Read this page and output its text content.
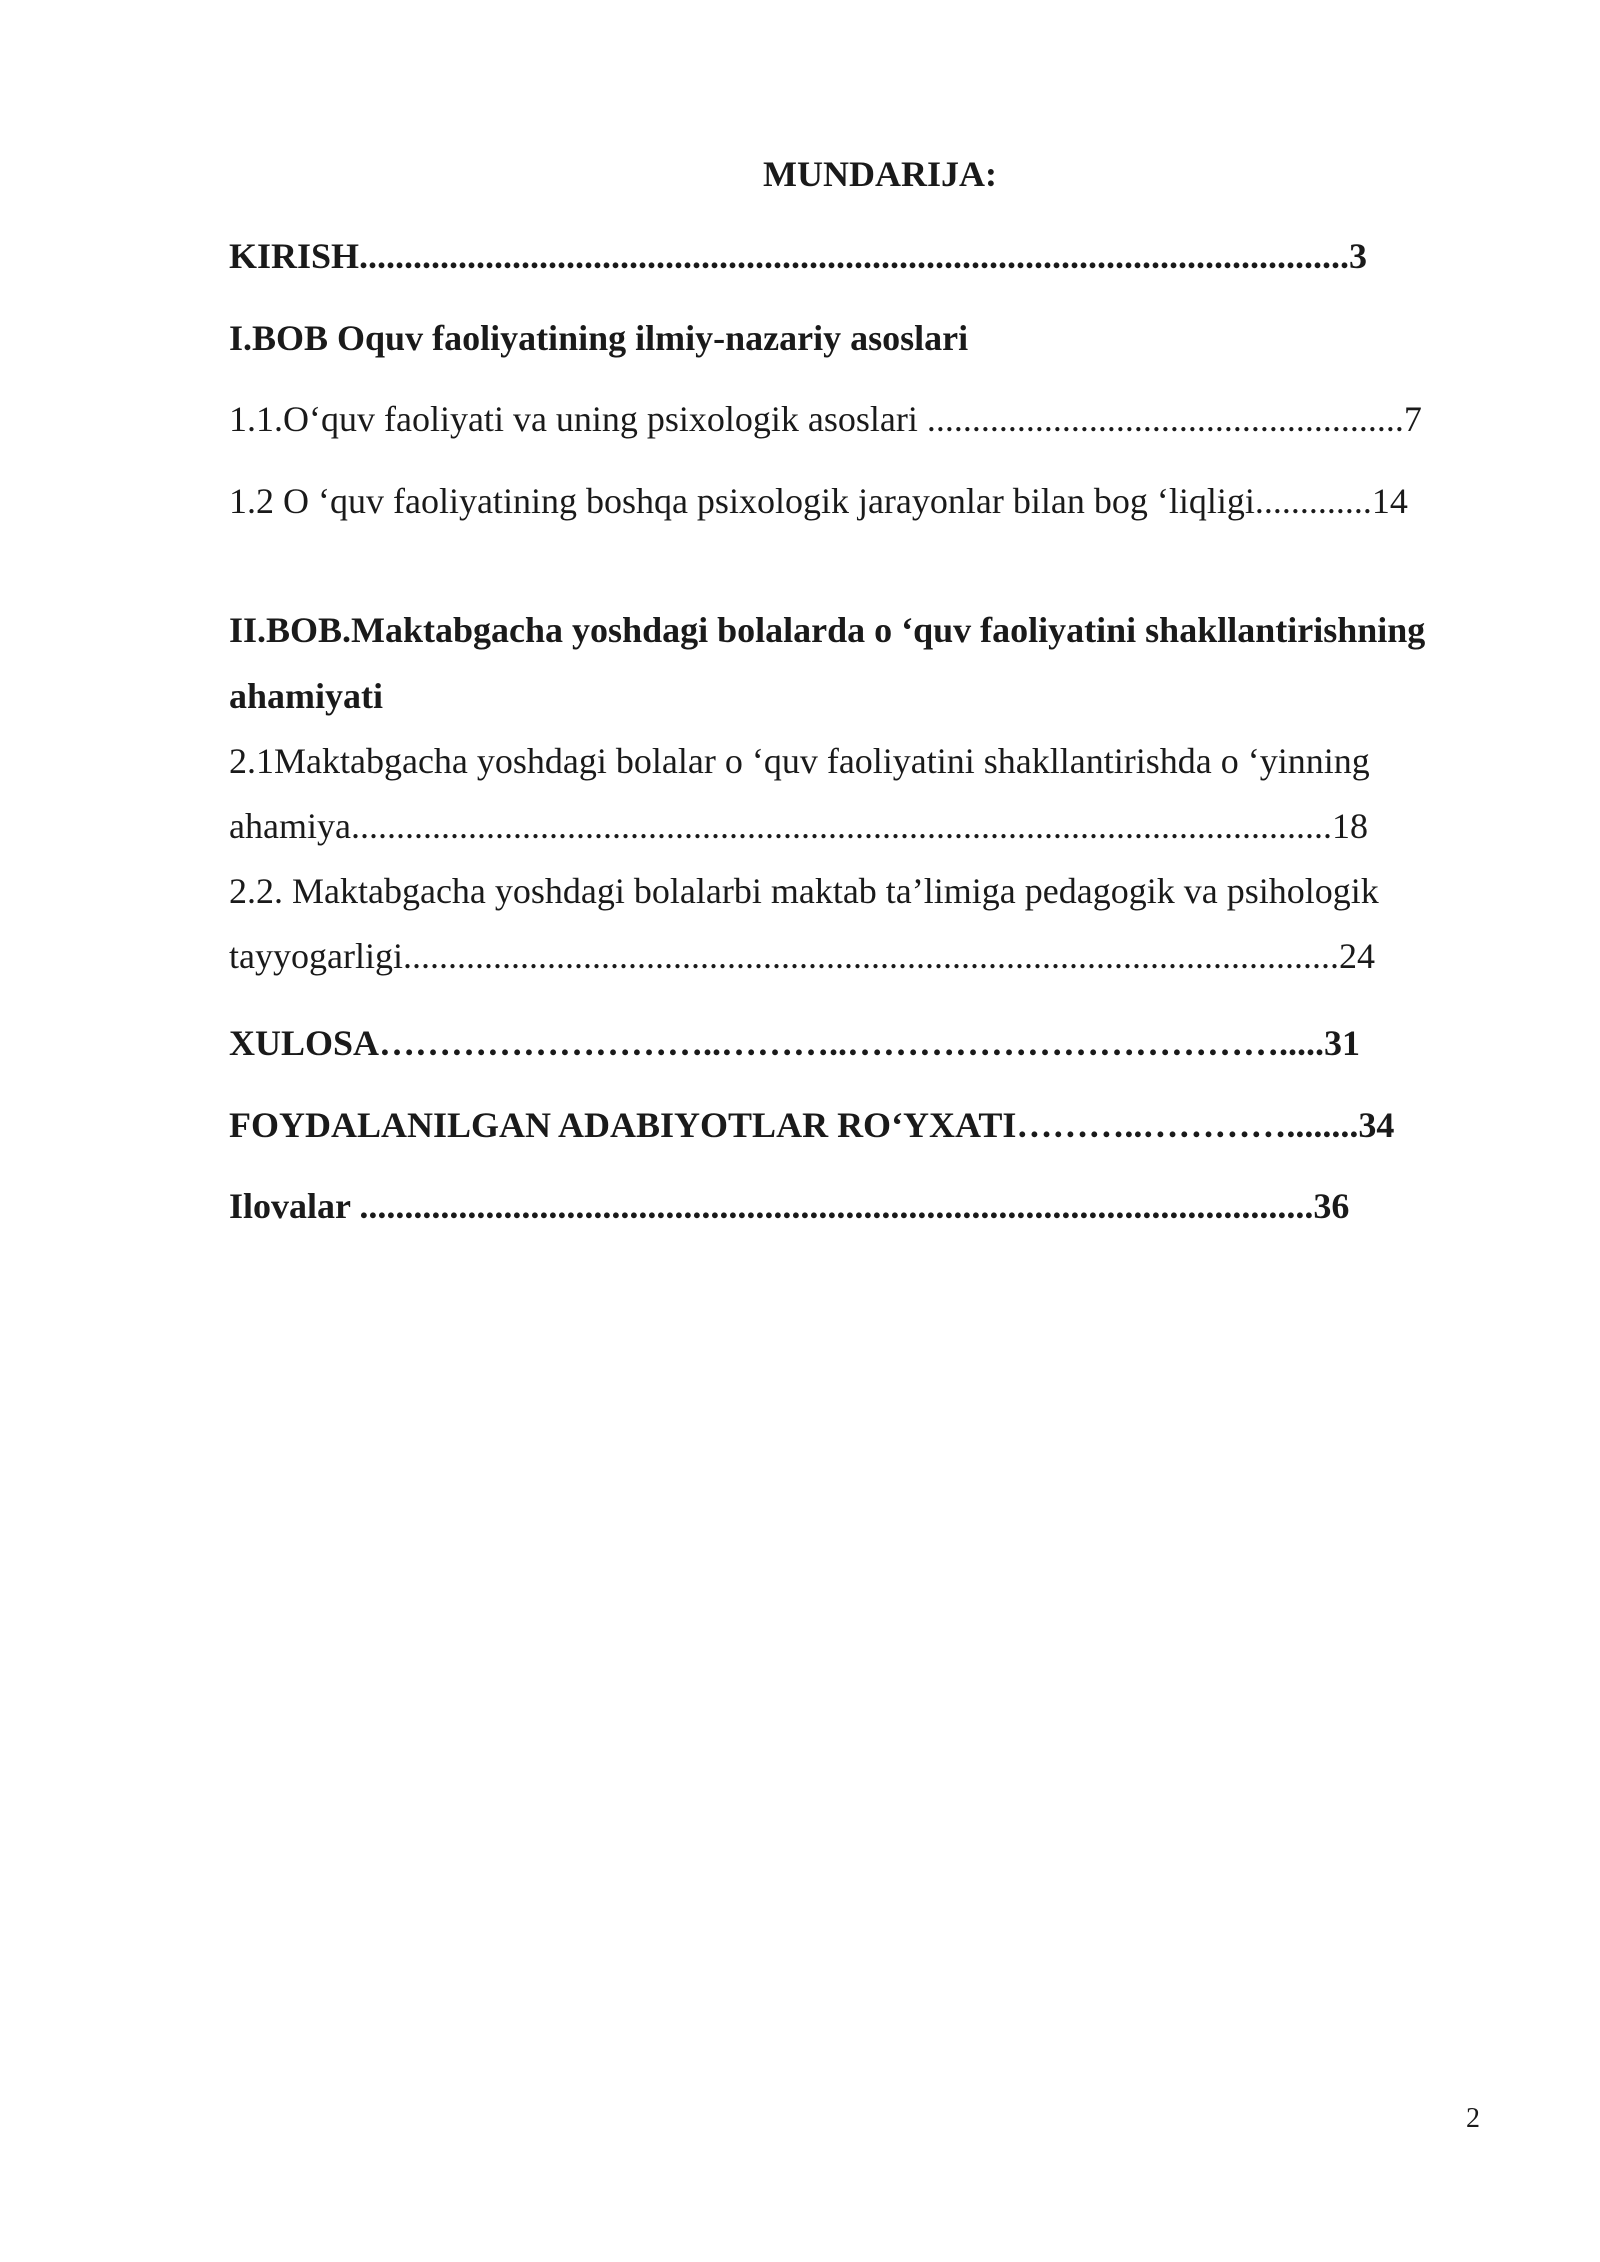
MUNDARIJA:
KIRISH..............................................................................................................3
I.BOB Oquv faoliyatining ilmiy-nazariy asoslari
1.1.O‘quv faoliyati va uning psixologik asoslari .....................................................7
1.2 O ‘quv faoliyatining boshqa psixologik jarayonlar bilan bog ‘liqligi.............14
II.BOB.Maktabgacha yoshdagi bolalarda o ‘quv faoliyatini shakllantirishning
ahamiyati
2.1Maktabgacha yoshdagi bolalar o ‘quv faoliyatini shakllantirishda o ‘yinning
ahamiya.............................................................................................................18
2.2. Maktabgacha yoshdagi bolalarbi maktab ta’limiga pedagogik va psihologik
tayyogarligi........................................................................................................24
XULOSA………………………..………..……………………………….....31
FOYDALANILGAN ADABIYOTLAR RO‘YXATI………..…………........34
Ilovalar ..........................................................................................................36
2
